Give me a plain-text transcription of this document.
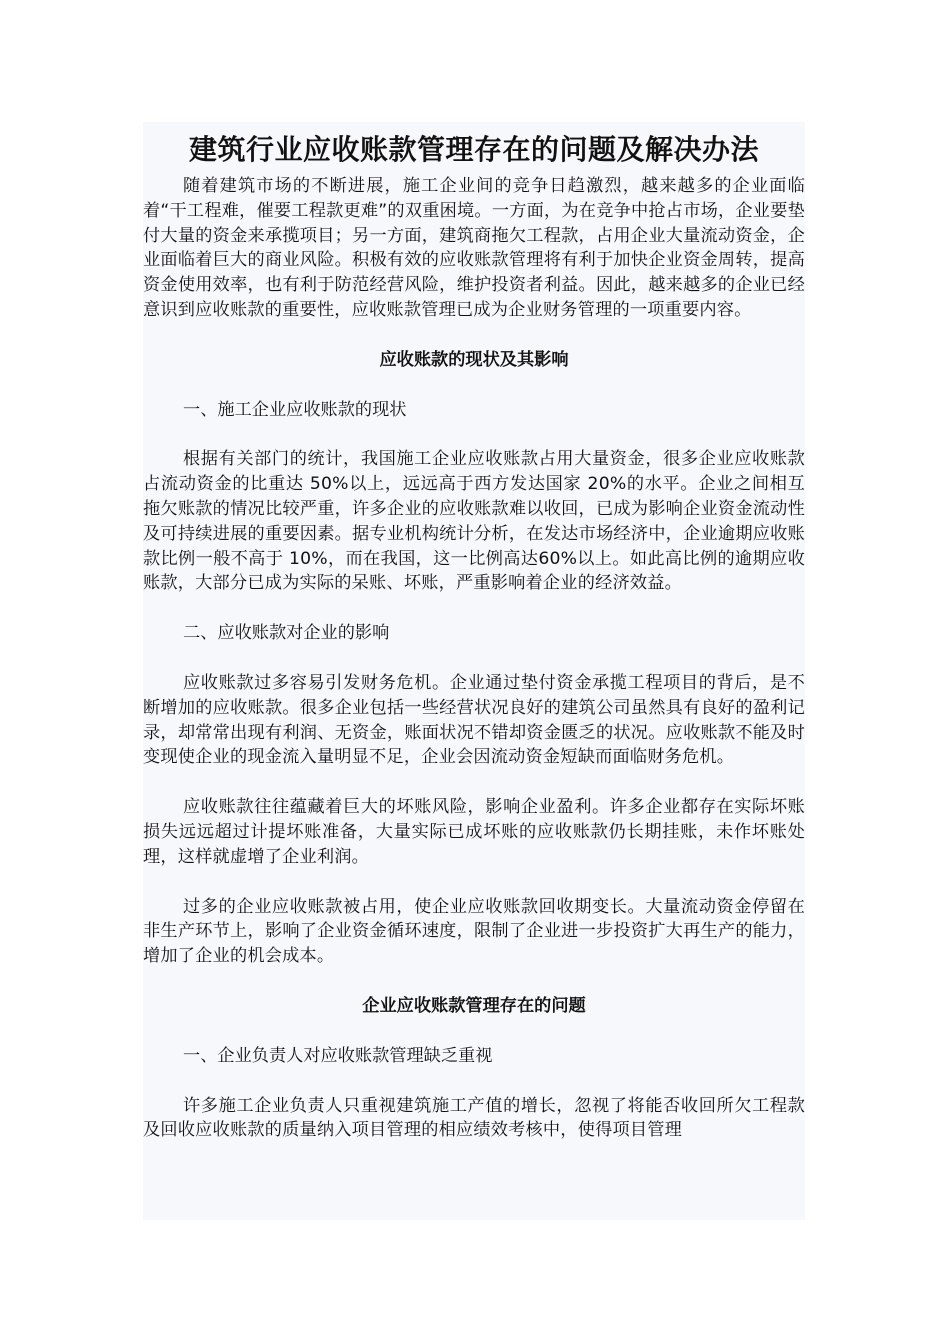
建筑行业应收账款管理存在的问题及解决办法

随着建筑市场的不断进展，施工企业间的竞争日趋激烈，越来越多的企业面临着“干工程难，催要工程款更难”的双重困境。一方面，为在竞争中抢占市场，企业要垫付大量的资金来承揽项目；另一方面，建筑商拖欠工程款，占用企业大量流动资金，企业面临着巨大的商业风险。积极有效的应收账款管理将有利于加快企业资金周转，提高资金使用效率，也有利于防范经营风险，维护投资者利益。因此，越来越多的企业已经意识到应收账款的重要性，应收账款管理已成为企业财务管理的一项重要内容。

应收账款的现状及其影响

一、施工企业应收账款的现状

根据有关部门的统计，我国施工企业应收账款占用大量资金，很多企业应收账款占流动资金的比重达 50%以上，远远高于西方发达国家 20%的水平。企业之间相互拖欠账款的情况比较严重，许多企业的应收账款难以收回，已成为影响企业资金流动性及可持续进展的重要因素。据专业机构统计分析，在发达市场经济中，企业逾期应收账款比例一般不高于 10%，而在我国，这一比例高达60%以上。如此高比例的逾期应收账款，大部分已成为实际的呆账、坏账，严重影响着企业的经济效益。

二、应收账款对企业的影响

应收账款过多容易引发财务危机。企业通过垫付资金承揽工程项目的背后，是不断增加的应收账款。很多企业包括一些经营状况良好的建筑公司虽然具有良好的盈利记录，却常常出现有利润、无资金，账面状况不错却资金匮乏的状况。应收账款不能及时变现使企业的现金流入量明显不足，企业会因流动资金短缺而面临财务危机。

应收账款往往蕴藏着巨大的坏账风险，影响企业盈利。许多企业都存在实际坏账损失远远超过计提坏账准备，大量实际已成坏账的应收账款仍长期挂账，未作坏账处理，这样就虚增了企业利润。

过多的企业应收账款被占用，使企业应收账款回收期变长。大量流动资金停留在非生产环节上，影响了企业资金循环速度，限制了企业进一步投资扩大再生产的能力，增加了企业的机会成本。

企业应收账款管理存在的问题

一、企业负责人对应收账款管理缺乏重视

许多施工企业负责人只重视建筑施工产值的增长，忽视了将能否收回所欠工程款及回收应收账款的质量纳入项目管理的相应绩效考核中，使得项目管理
